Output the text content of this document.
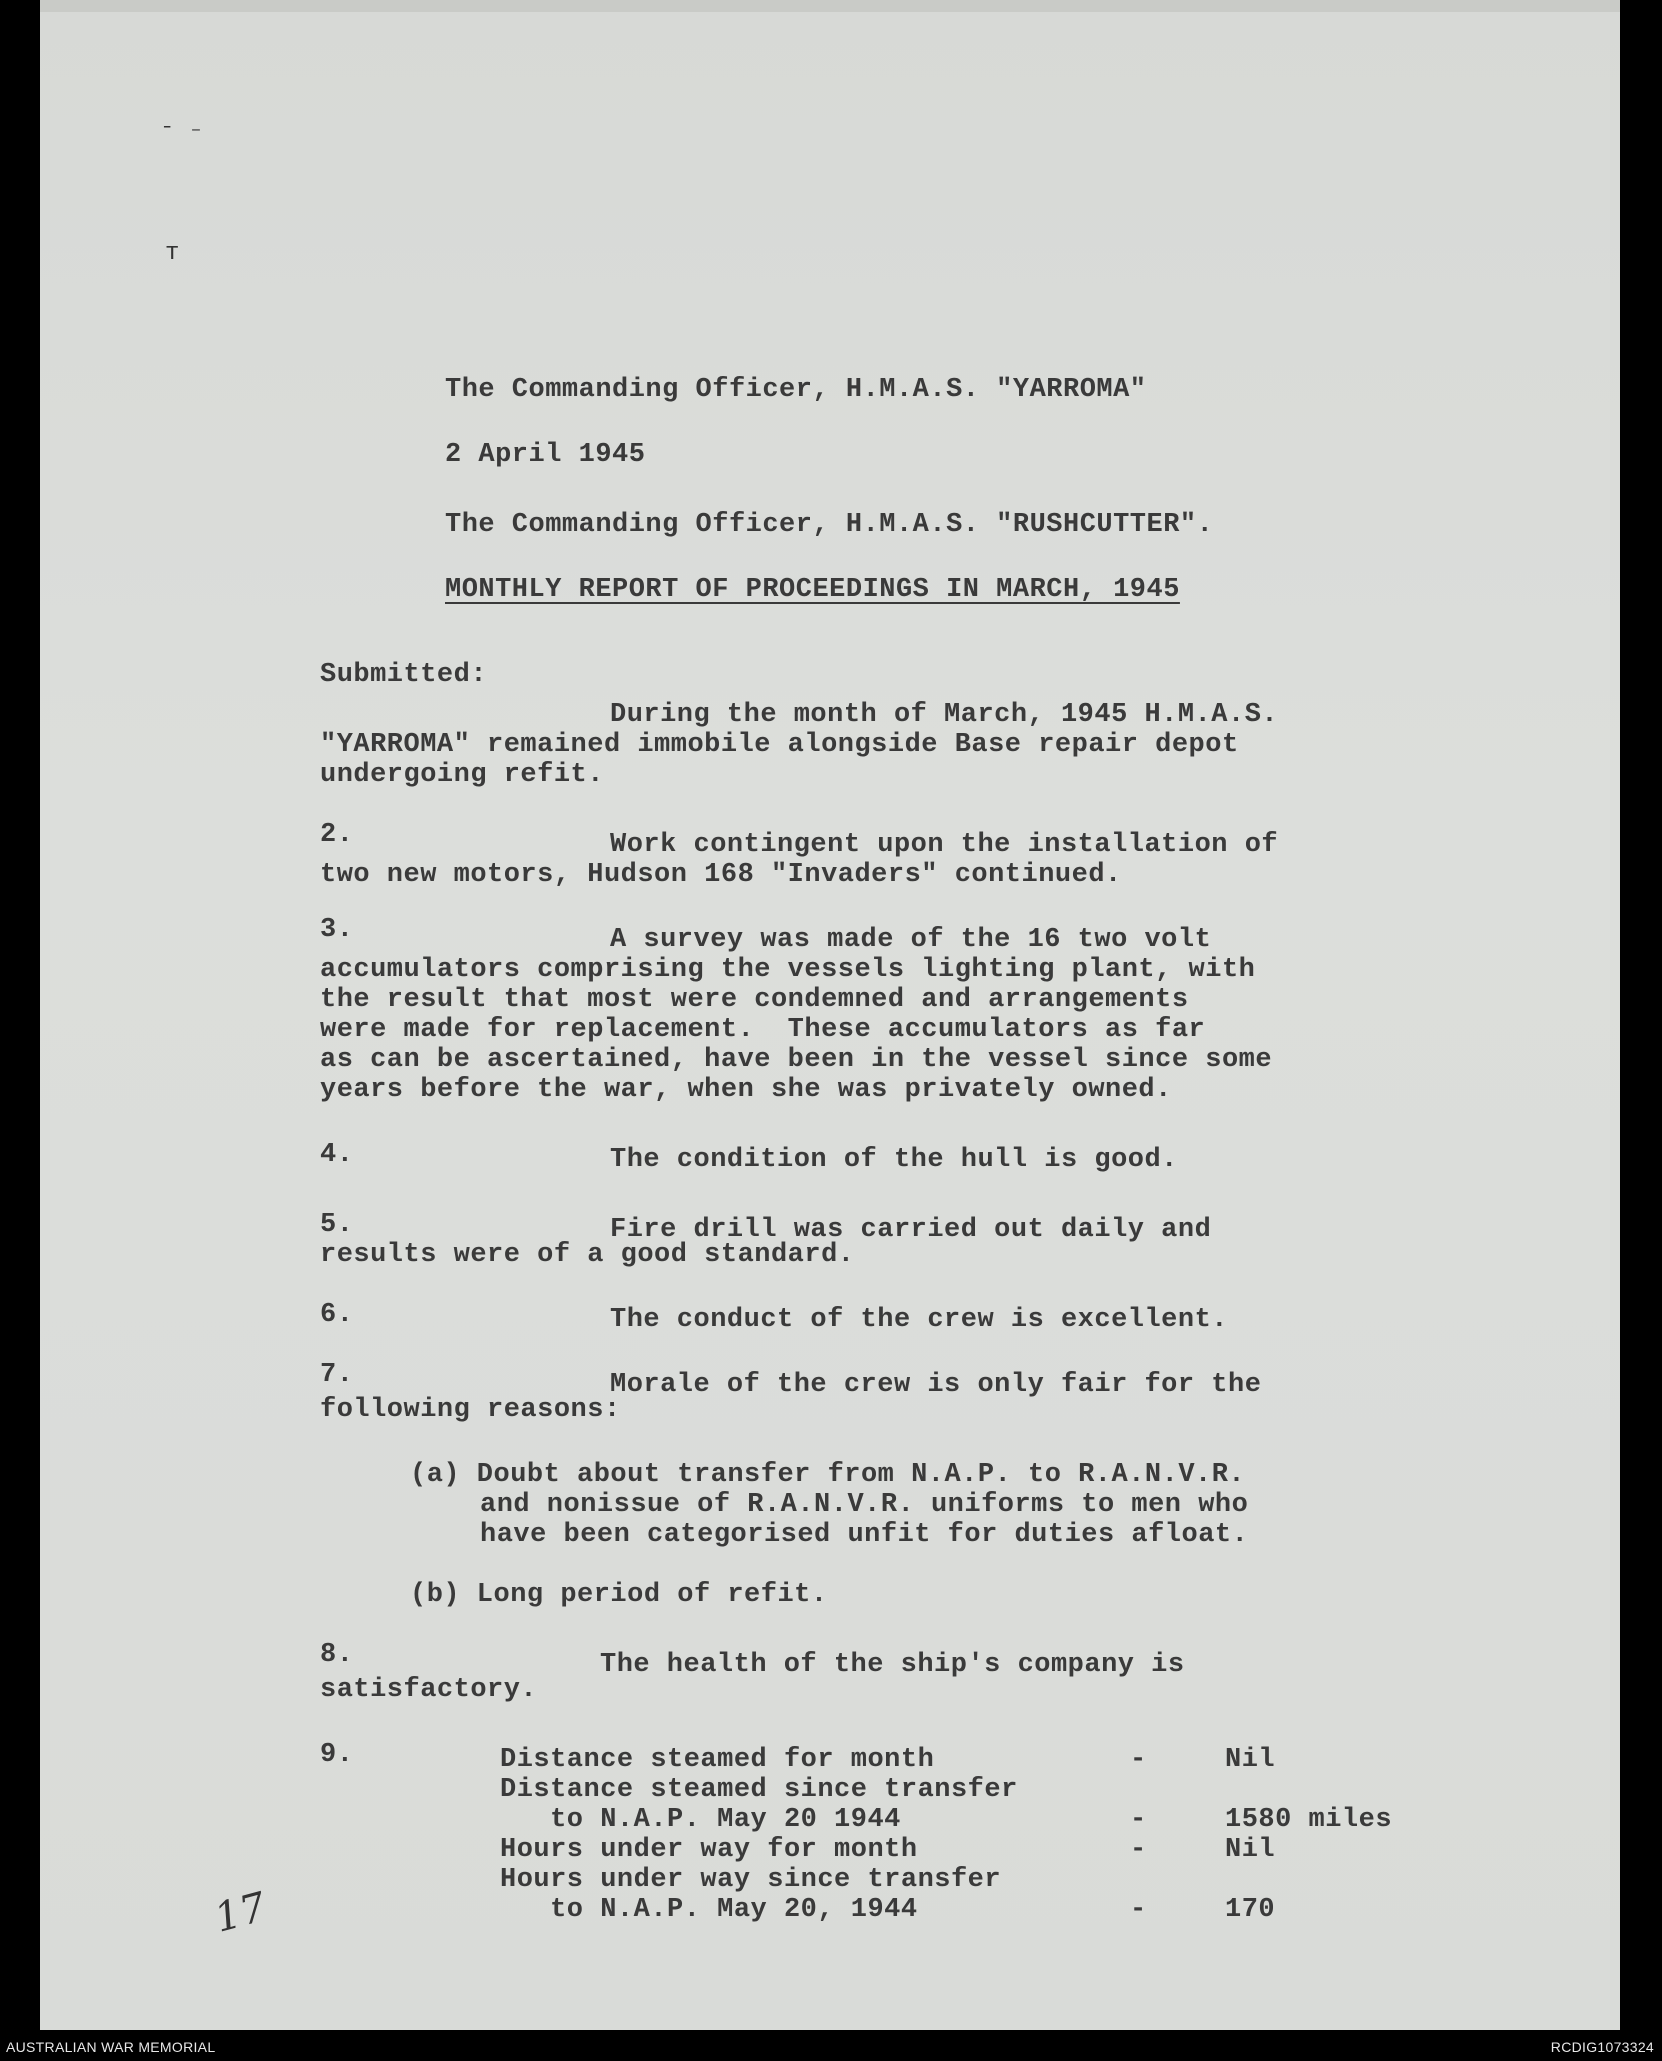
ˉ ⁻
т
The Commanding Officer, H.M.A.S. "YARROMA"
2 April 1945
The Commanding Officer, H.M.A.S. "RUSHCUTTER".
MONTHLY REPORT OF PROCEEDINGS IN MARCH, 1945
Submitted:
During the month of March, 1945 H.M.A.S.
"YARROMA" remained immobile alongside Base repair depot
undergoing refit.
2.	Work contingent upon the installation of
two new motors, Hudson 168 "Invaders" continued.
3.	A survey was made of the 16 two volt
accumulators comprising the vessels lighting plant, with
the result that most were condemned and arrangements
were made for replacement.  These accumulators as far
as can be ascertained, have been in the vessel since some
years before the war, when she was privately owned.
4.	The condition of the hull is good.
5.	Fire drill was carried out daily and
results were of a good standard.
6.	The conduct of the crew is excellent.
7.	Morale of the crew is only fair for the
following reasons:
(a) Doubt about transfer from N.A.P. to R.A.N.V.R.
and nonissue of R.A.N.V.R. uniforms to men who
have been categorised unfit for duties afloat.
(b) Long period of refit.
8.	The health of the ship's company is
satisfactory.
9.	Distance steamed for month	-	Nil
Distance steamed since transfer
to N.A.P. May 20 1944	-	1580 miles
Hours under way for month	-	Nil
Hours under way since transfer
to N.A.P. May 20, 1944	-	170
17
AUSTRALIAN WAR MEMORIAL	RCDIG1073324
